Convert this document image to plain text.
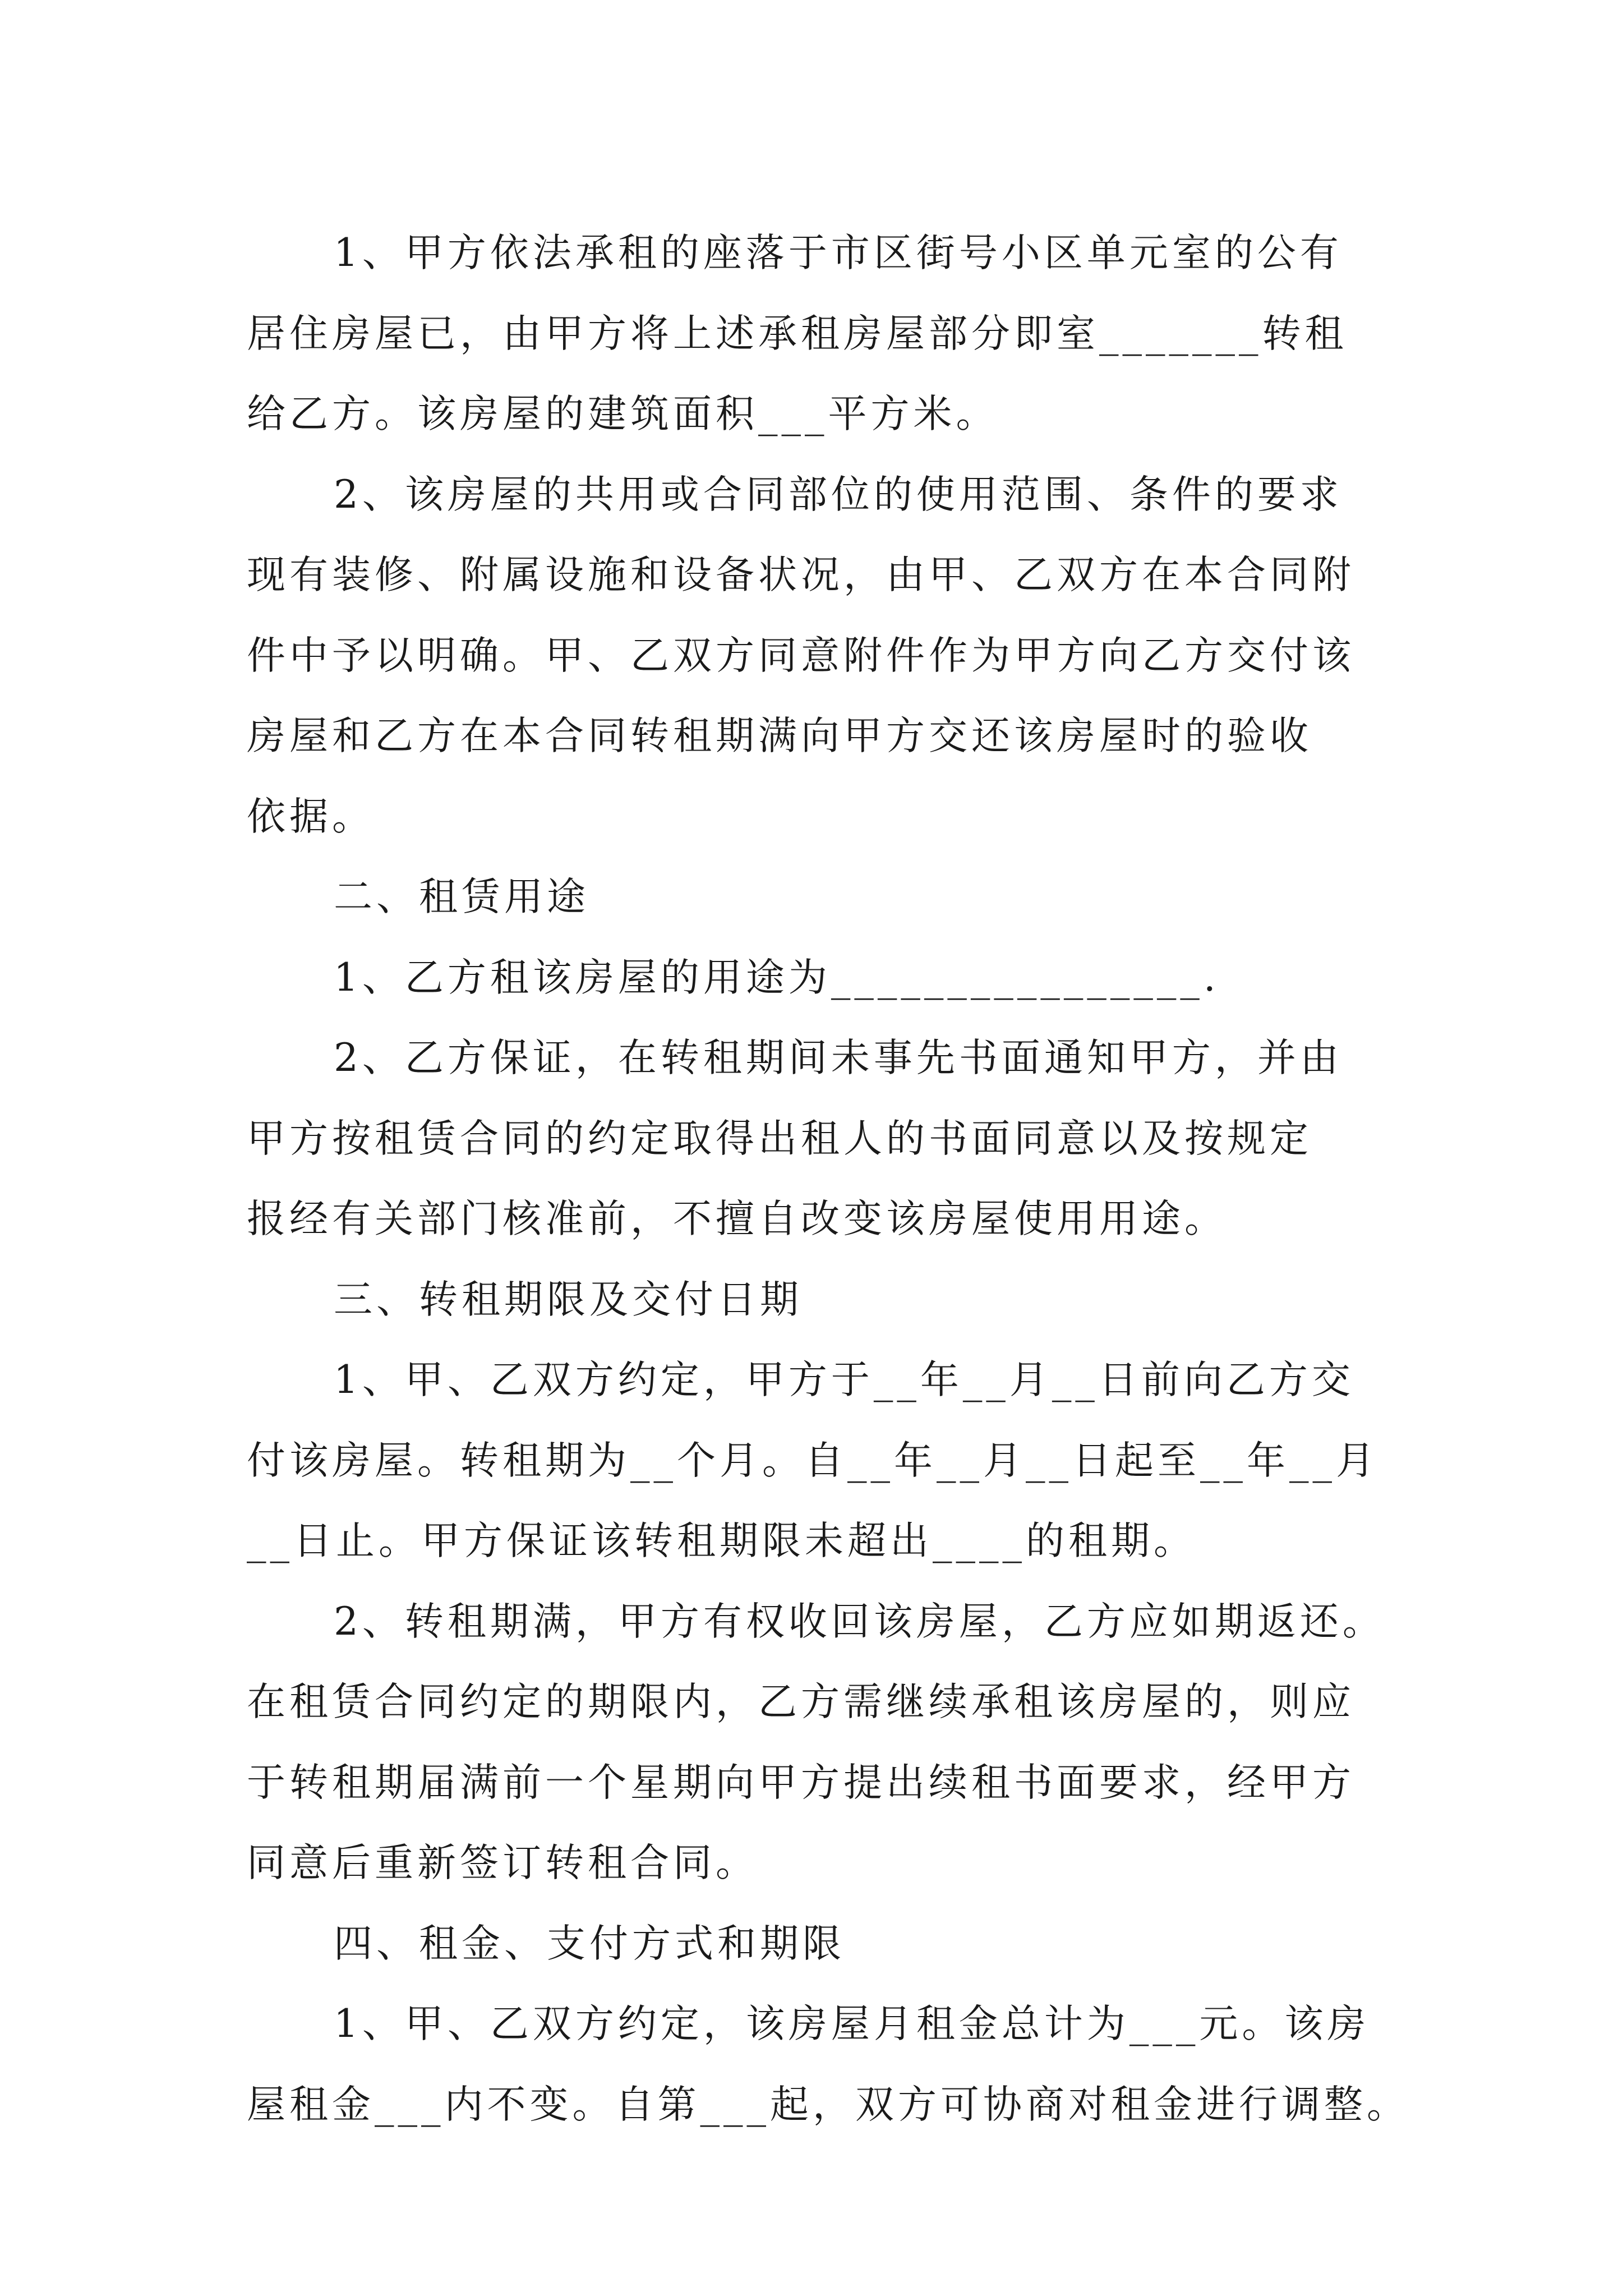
1、甲方依法承租的座落于市区街号小区单元室的公有
居住房屋已，由甲方将上述承租房屋部分即室_______转租
给乙方。该房屋的建筑面积___平方米。
2、该房屋的共用或合同部位的使用范围、条件的要求
现有装修、附属设施和设备状况，由甲、乙双方在本合同附
件中予以明确。甲、乙双方同意附件作为甲方向乙方交付该
房屋和乙方在本合同转租期满向甲方交还该房屋时的验收
依据。
二、租赁用途
1、乙方租该房屋的用途为________________.
2、乙方保证，在转租期间未事先书面通知甲方，并由
甲方按租赁合同的约定取得出租人的书面同意以及按规定
报经有关部门核准前，不擅自改变该房屋使用用途。
三、转租期限及交付日期
1、甲、乙双方约定，甲方于__年__月__日前向乙方交
付该房屋。转租期为__个月。自__年__月__日起至__年__月
__日止。甲方保证该转租期限未超出____的租期。
2、转租期满，甲方有权收回该房屋，乙方应如期返还。
在租赁合同约定的期限内，乙方需继续承租该房屋的，则应
于转租期届满前一个星期向甲方提出续租书面要求，经甲方
同意后重新签订转租合同。
四、租金、支付方式和期限
1、甲、乙双方约定，该房屋月租金总计为___元。该房
屋租金___内不变。自第___起，双方可协商对租金进行调整。
